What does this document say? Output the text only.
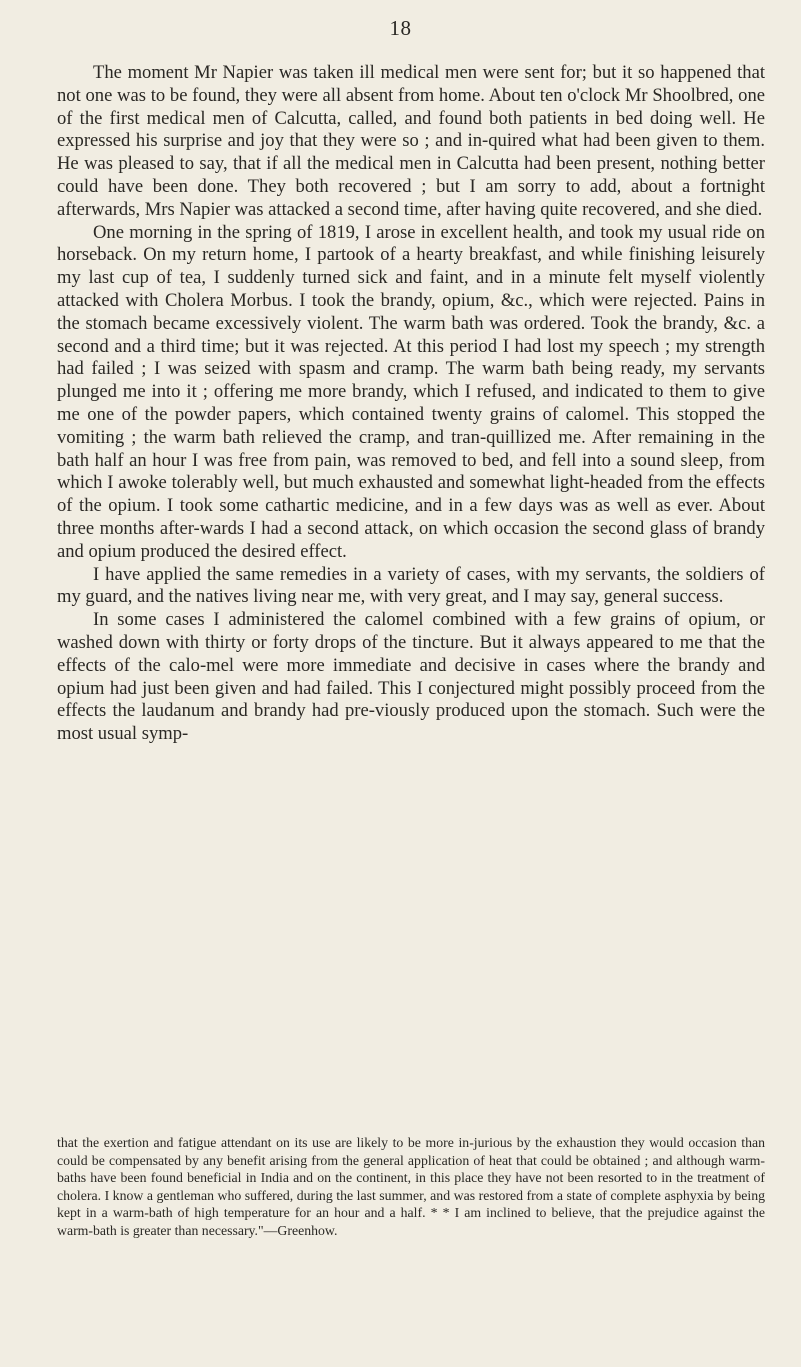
18

The moment Mr Napier was taken ill medical men were sent for; but it so happened that not one was to be found, they were all absent from home. About ten o'clock Mr Shoolbred, one of the first medical men of Calcutta, called, and found both patients in bed doing well. He expressed his surprise and joy that they were so ; and in-quired what had been given to them. He was pleased to say, that if all the medical men in Calcutta had been present, nothing better could have been done. They both recovered ; but I am sorry to add, about a fortnight afterwards, Mrs Napier was attacked a second time, after having quite recovered, and she died.

One morning in the spring of 1819, I arose in excellent health, and took my usual ride on horseback. On my return home, I partook of a hearty breakfast, and while finishing leisurely my last cup of tea, I suddenly turned sick and faint, and in a minute felt myself violently attacked with Cholera Morbus. I took the brandy, opium, &c., which were rejected. Pains in the stomach became excessively violent. The warm bath was ordered. Took the brandy, &c. a second and a third time; but it was rejected. At this period I had lost my speech ; my strength had failed ; I was seized with spasm and cramp. The warm bath being ready, my servants plunged me into it ; offering me more brandy, which I refused, and indicated to them to give me one of the powder papers, which contained twenty grains of calomel. This stopped the vomiting ; the warm bath relieved the cramp, and tran-quillized me. After remaining in the bath half an hour I was free from pain, was removed to bed, and fell into a sound sleep, from which I awoke tolerably well, but much exhausted and somewhat light-headed from the effects of the opium. I took some cathartic medicine, and in a few days was as well as ever. About three months after-wards I had a second attack, on which occasion the second glass of brandy and opium produced the desired effect.

I have applied the same remedies in a variety of cases, with my servants, the soldiers of my guard, and the natives living near me, with very great, and I may say, general success.

In some cases I administered the calomel combined with a few grains of opium, or washed down with thirty or forty drops of the tincture. But it always appeared to me that the effects of the calo-mel were more immediate and decisive in cases where the brandy and opium had just been given and had failed. This I conjectured might possibly proceed from the effects the laudanum and brandy had pre-viously produced upon the stomach. Such were the most usual symp-

that the exertion and fatigue attendant on its use are likely to be more in-jurious by the exhaustion they would occasion than could be compensated by any benefit arising from the general application of heat that could be obtained ; and although warm-baths have been found beneficial in India and on the continent, in this place they have not been resorted to in the treatment of cholera. I know a gentleman who suffered, during the last summer, and was restored from a state of complete asphyxia by being kept in a warm-bath of high temperature for an hour and a half. * * I am inclined to believe, that the prejudice against the warm-bath is greater than necessary."—Greenhow.
